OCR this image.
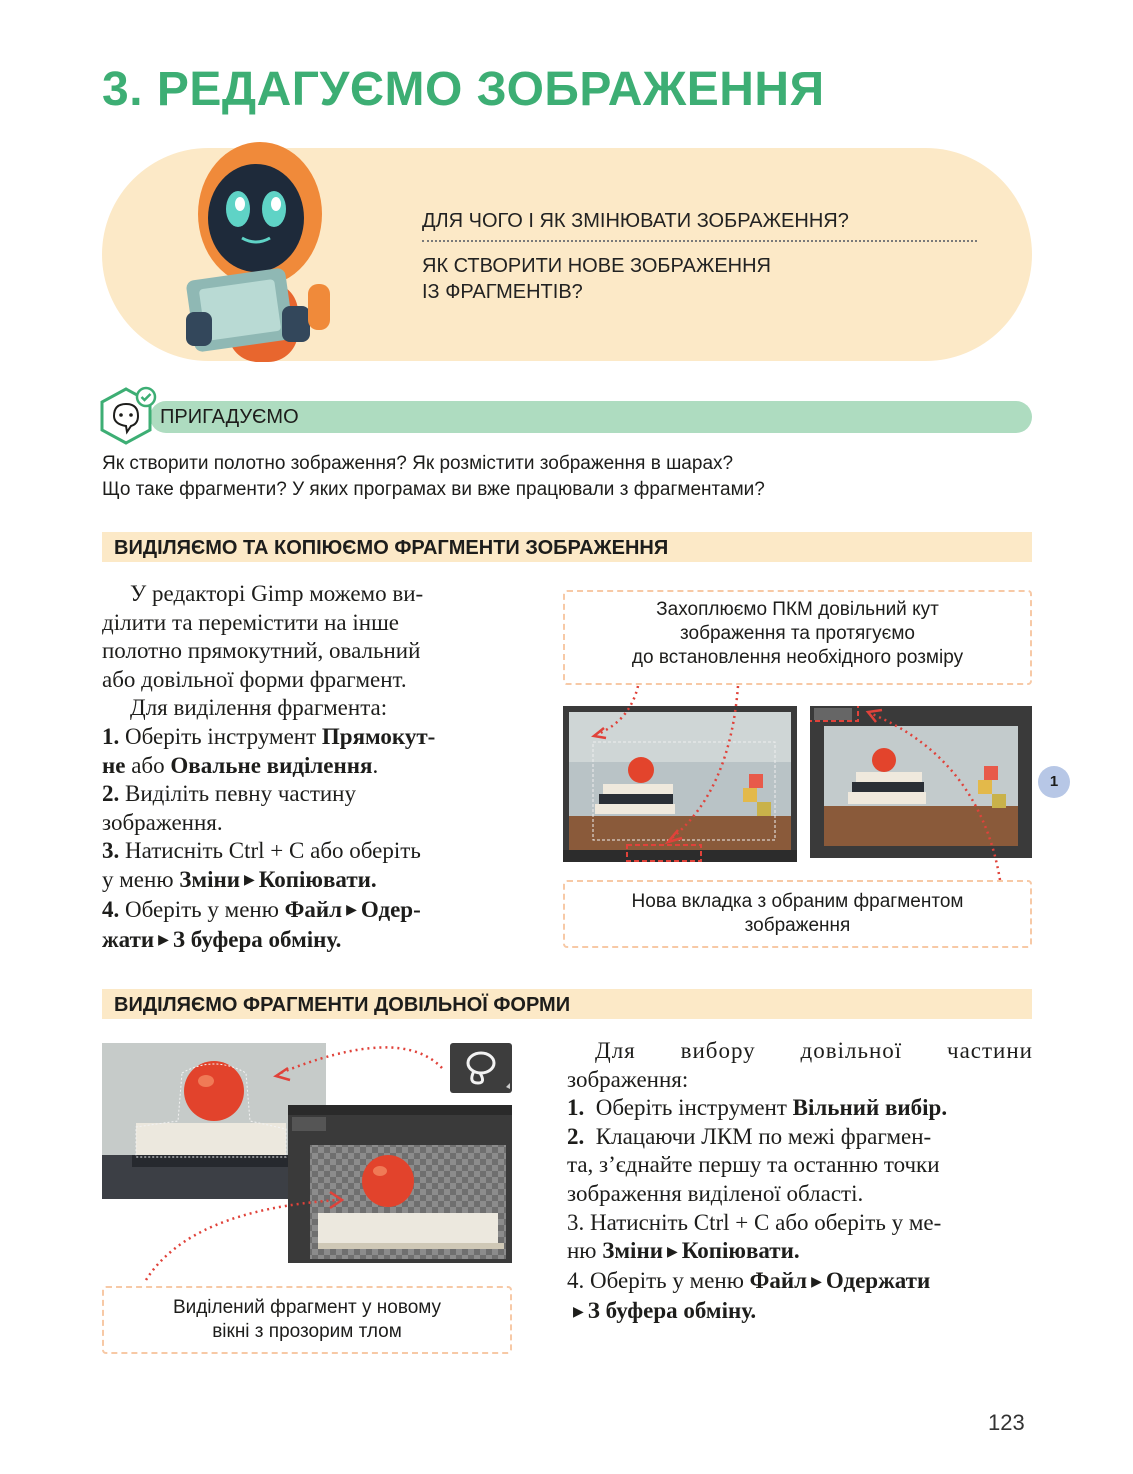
3. РЕДАГУЄМО ЗОБРАЖЕННЯ
ДЛЯ ЧОГО І ЯК ЗМІНЮВАТИ ЗОБРАЖЕННЯ?
ЯК СТВОРИТИ НОВЕ ЗОБРАЖЕННЯ
ІЗ ФРАГМЕНТІВ?
ПРИГАДУЄМО
Як створити полотно зображення? Як розмістити зображення в шарах?
Що таке фрагменти? У яких програмах ви вже працювали з фрагментами?
ВИДІЛЯЄМО ТА КОПІЮЄМО ФРАГМЕНТИ ЗОБРАЖЕННЯ
У редакторі Gimp можемо ви-
ділити та перемістити на інше
полотно прямокутний, овальний
або довільної форми фрагмент.
Для виділення фрагмента:
1. Оберіть інструмент Прямокут-
не або Овальне виділення.
2. Виділіть певну частину
зображення.
3. Натисніть Ctrl + C або оберіть
у меню Зміни ▶ Копіювати.
4. Оберіть у меню Файл ▶ Одер-
жати ▶ З буфера обміну.
Захоплюємо ПКМ довільний кут
зображення та протягуємо
до встановлення необхідного розміру
1
Нова вкладка з обраним фрагментом
зображення
ВИДІЛЯЄМО ФРАГМЕНТИ ДОВІЛЬНОЇ ФОРМИ
Виділений фрагмент у новому
вікні з прозорим тлом
Для вибору довільної частини
зображення:
1. Оберіть інструмент Вільний вибір.
2. Клацаючи ЛКМ по межі фрагмен-
та, з’єднайте першу та останню точки
зображення виділеної області.
3. Натисніть Ctrl + C або оберіть у ме-
ню Зміни ▶ Копіювати.
4. Оберіть у меню Файл ▶ Одержати
▶ З буфера обміну.
123
